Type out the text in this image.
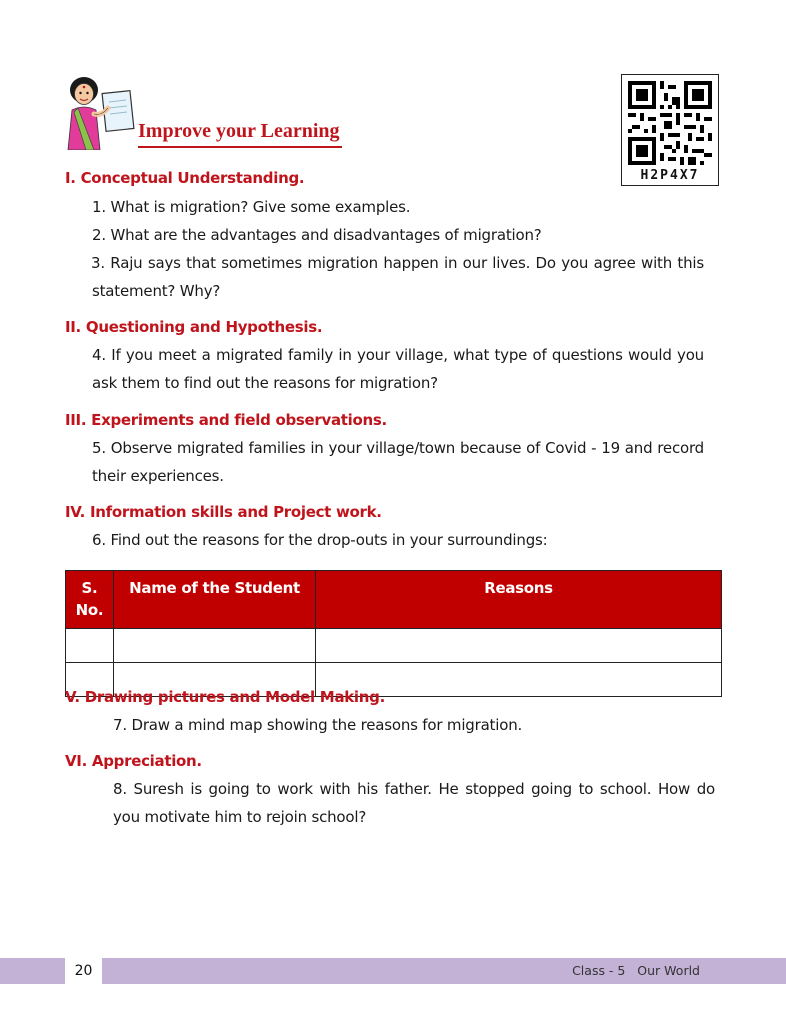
Improve your Learning
H2P4X7
I. Conceptual Understanding.
1. What is migration? Give some examples.
2. What are the advantages and disadvantages of migration?
3. Raju says that sometimes migration happen in our lives. Do you agree with this statement? Why?
II. Questioning and Hypothesis.
4. If you meet a migrated family in your village, what type of questions would you ask them to find out the reasons for migration?
III. Experiments and field observations.
5. Observe migrated families in your village/town because of Covid - 19 and record their experiences.
IV. Information skills and Project work.
6. Find out the reasons for the drop-outs in your surroundings:
S. No.	Name of the Student	Reasons

V. Drawing pictures and Model Making.
7. Draw a mind map showing the reasons for migration.
VI. Appreciation.
8. Suresh is going to work with his father. He stopped going to school. How do you motivate him to rejoin school?
20	Class - 5   Our World
